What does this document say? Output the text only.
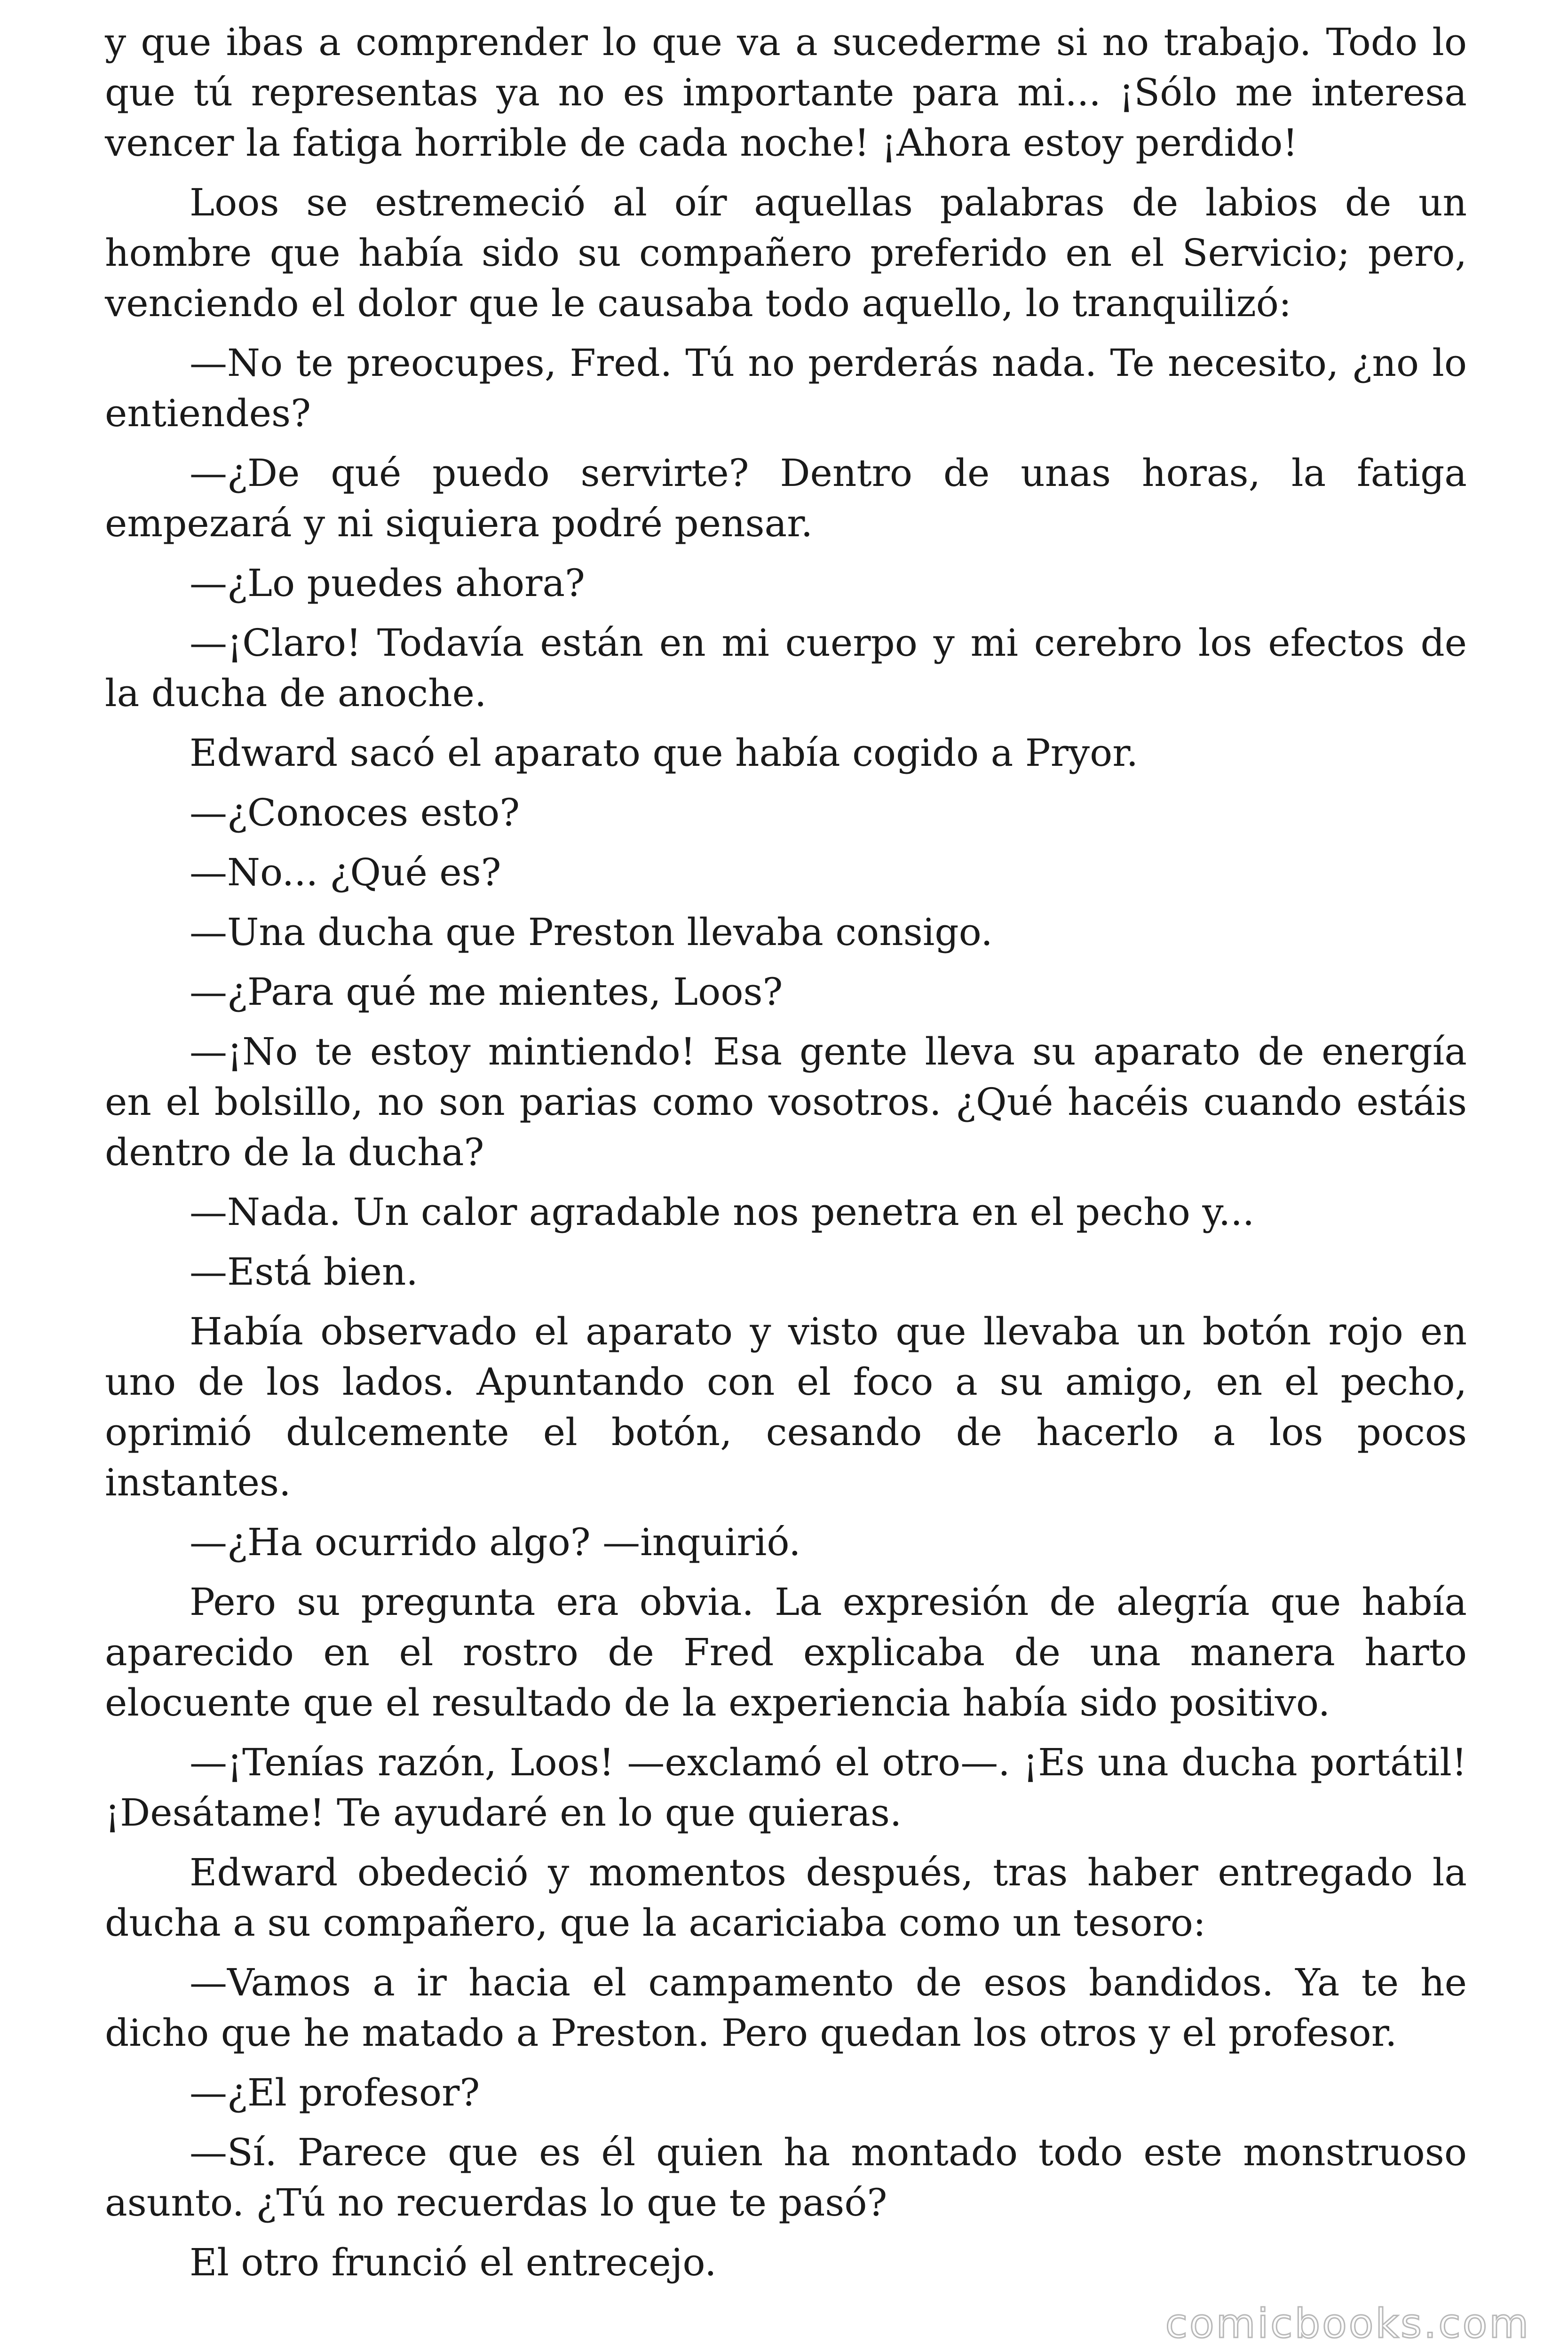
y que ibas a comprender lo que va a sucederme si no trabajo. Todo lo que tú representas ya no es importante para mi... ¡Sólo me interesa vencer la fatiga horrible de cada noche! ¡Ahora estoy perdido!

Loos se estremeció al oír aquellas palabras de labios de un hombre que había sido su compañero preferido en el Servicio; pero, venciendo el dolor que le causaba todo aquello, lo tranquilizó:

—No te preocupes, Fred. Tú no perderás nada. Te necesito, ¿no lo entiendes?

—¿De qué puedo servirte? Dentro de unas horas, la fatiga empezará y ni siquiera podré pensar.

—¿Lo puedes ahora?

—¡Claro! Todavía están en mi cuerpo y mi cerebro los efectos de la ducha de anoche.

Edward sacó el aparato que había cogido a Pryor.

—¿Conoces esto?

—No... ¿Qué es?

—Una ducha que Preston llevaba consigo.

—¿Para qué me mientes, Loos?

—¡No te estoy mintiendo! Esa gente lleva su aparato de energía en el bolsillo, no son parias como vosotros. ¿Qué hacéis cuando estáis dentro de la ducha?

—Nada. Un calor agradable nos penetra en el pecho y...

—Está bien.

Había observado el aparato y visto que llevaba un botón rojo en uno de los lados. Apuntando con el foco a su amigo, en el pecho, oprimió dulcemente el botón, cesando de hacerlo a los pocos instantes.

—¿Ha ocurrido algo? —inquirió.

Pero su pregunta era obvia. La expresión de alegría que había aparecido en el rostro de Fred explicaba de una manera harto elocuente que el resultado de la experiencia había sido positivo.

—¡Tenías razón, Loos! —exclamó el otro—. ¡Es una ducha portátil! ¡Desátame! Te ayudaré en lo que quieras.

Edward obedeció y momentos después, tras haber entregado la ducha a su compañero, que la acariciaba como un tesoro:

—Vamos a ir hacia el campamento de esos bandidos. Ya te he dicho que he matado a Preston. Pero quedan los otros y el profesor.

—¿El profesor?

—Sí. Parece que es él quien ha montado todo este monstruoso asunto. ¿Tú no recuerdas lo que te pasó?

El otro frunció el entrecejo.

comicbooks.com
